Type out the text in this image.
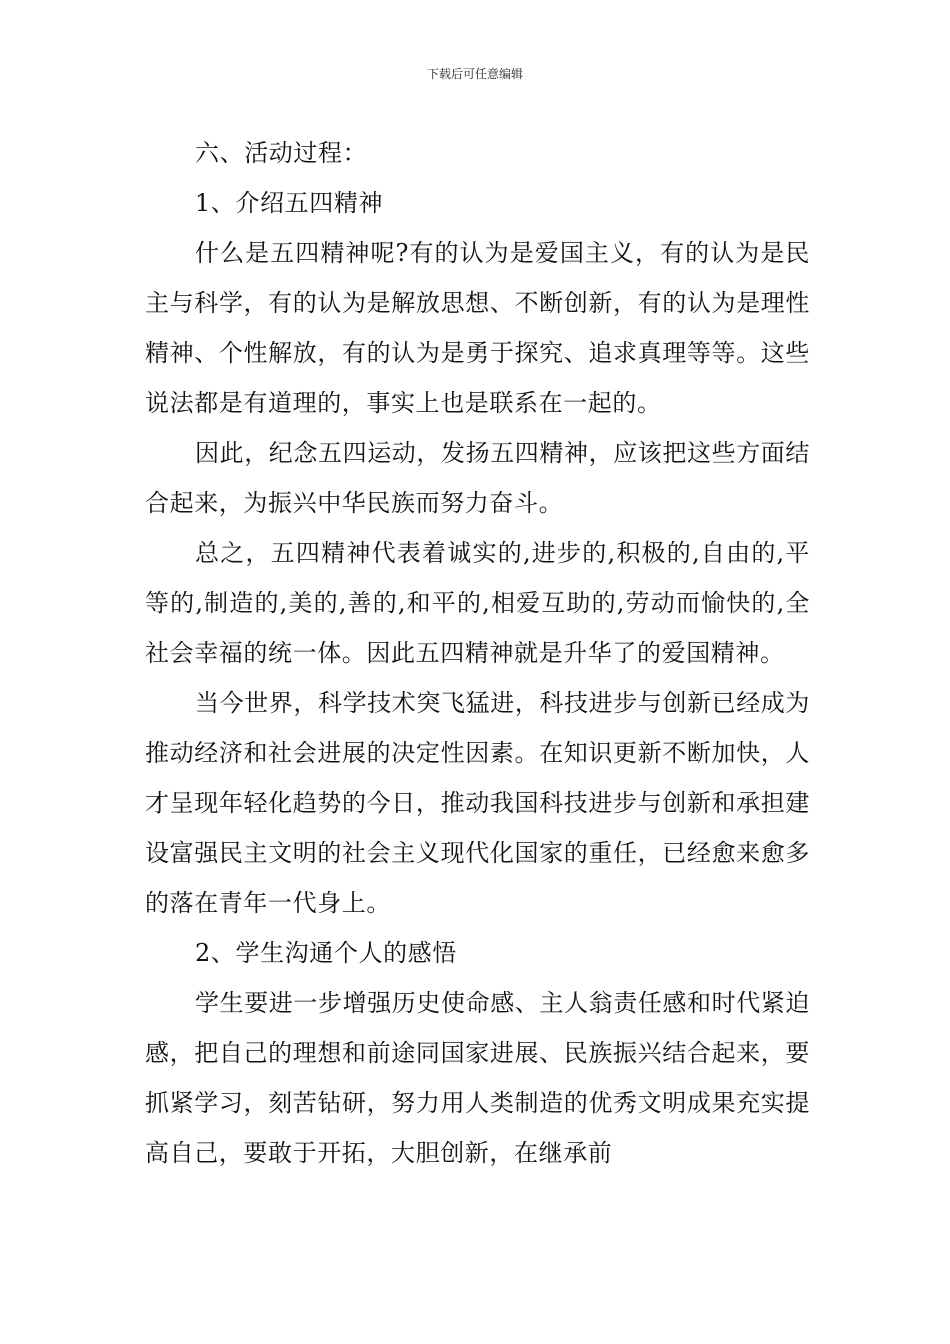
下载后可任意编辑

六、活动过程：

1、介绍五四精神

什么是五四精神呢?有的认为是爱国主义，有的认为是民主与科学，有的认为是解放思想、不断创新，有的认为是理性精神、个性解放，有的认为是勇于探究、追求真理等等。这些说法都是有道理的，事实上也是联系在一起的。

因此，纪念五四运动，发扬五四精神，应该把这些方面结合起来，为振兴中华民族而努力奋斗。

总之，五四精神代表着诚实的,进步的,积极的,自由的,平等的,制造的,美的,善的,和平的,相爱互助的,劳动而愉快的,全社会幸福的统一体。因此五四精神就是升华了的爱国精神。

当今世界，科学技术突飞猛进，科技进步与创新已经成为推动经济和社会进展的决定性因素。在知识更新不断加快，人才呈现年轻化趋势的今日，推动我国科技进步与创新和承担建设富强民主文明的社会主义现代化国家的重任，已经愈来愈多的落在青年一代身上。

2、学生沟通个人的感悟

学生要进一步增强历史使命感、主人翁责任感和时代紧迫感，把自己的理想和前途同国家进展、民族振兴结合起来，要抓紧学习，刻苦钻研，努力用人类制造的优秀文明成果充实提高自己，要敢于开拓，大胆创新，在继承前
